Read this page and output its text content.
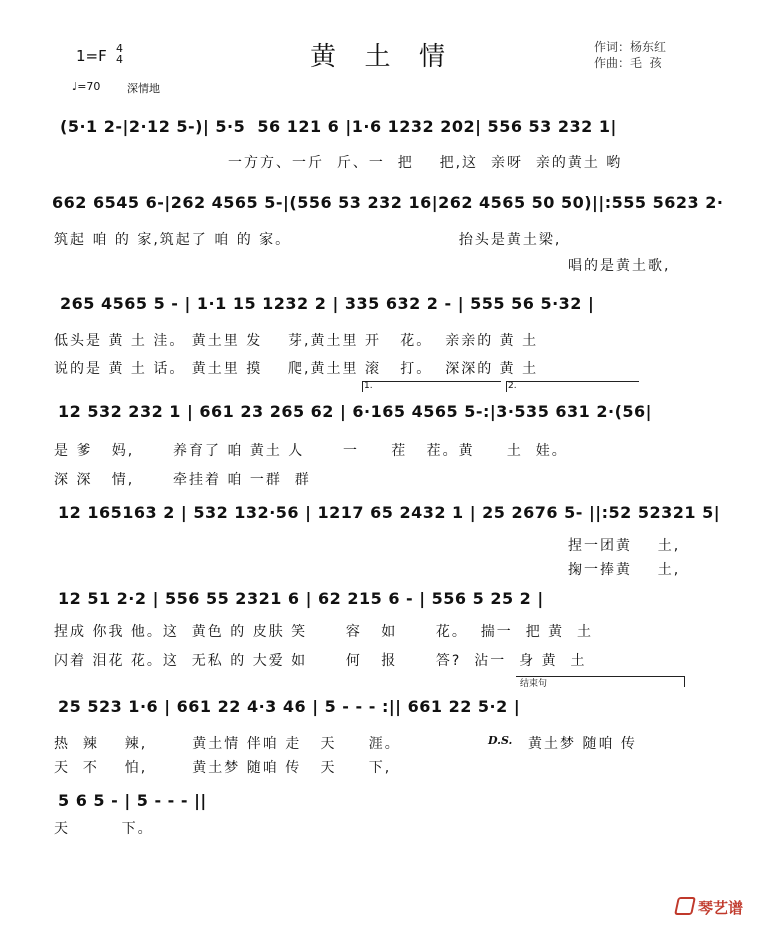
黄  土  情
1=F 4
4
♩=70 深情地
作词：杨东红
作曲：毛  孩
(5·1 2-|2·12 5-)| 5·5  56 121 6 |1·6 1232 202| 556 53 232 1|
一方方、一斤  斤、一  把    把,这  亲呀  亲的黄土 哟
662 6545 6-|262 4565 5-|(556 53 232 16|262 4565 50 50)||:555 5623 2·
筑起 咱 的 家,筑起了 咱 的 家。                          抬头是黄土梁,
唱的是黄土歌,
265 4565 5 - | 1·1 15 1232 2 | 335 632 2 - | 555 56 5·32 |
低头是 黄 土 洼。 黄土里 发    芽,黄土里 开   花。  亲亲的 黄 土
说的是 黄 土 话。 黄土里 摸    爬,黄土里 滚   打。  深深的 黄 土
1.	2.
12 532 232 1 | 661 23 265 62 | 6·165 4565 5-:|3·535 631 2·(56|
是 爹   妈,      养育了 咱 黄土 人      一     茬   茬。黄     土  娃。
深 深   情,      牵挂着 咱 一群  群
12 165163 2 | 532 132·56 | 1217 65 2432 1 | 25 2676 5- ||:52 52321 5|
捏一团黄    土,
掬一捧黄    土,
12 51 2·2 | 556 55 2321 6 | 62 215 6 - | 556 5 25 2 |
捏成 你我 他。这  黄色 的 皮肤 笑      容   如      花。  揣一  把 黄  土
闪着 泪花 花。这  无私 的 大爱 如      何   报      答?  沾一  身 黄  土
结束句
25 523 1·6 | 661 22 4·3 46 | 5 - - - :|| 661 22 5·2 |
热  辣    辣,       黄土情 伴咱 走   天     涯。	D.S. 黄土梦 随咱 传
天  不    怕,       黄土梦 随咱 传   天     下,
5 6 5 - | 5 - - - ||
天        下。
琴艺谱
